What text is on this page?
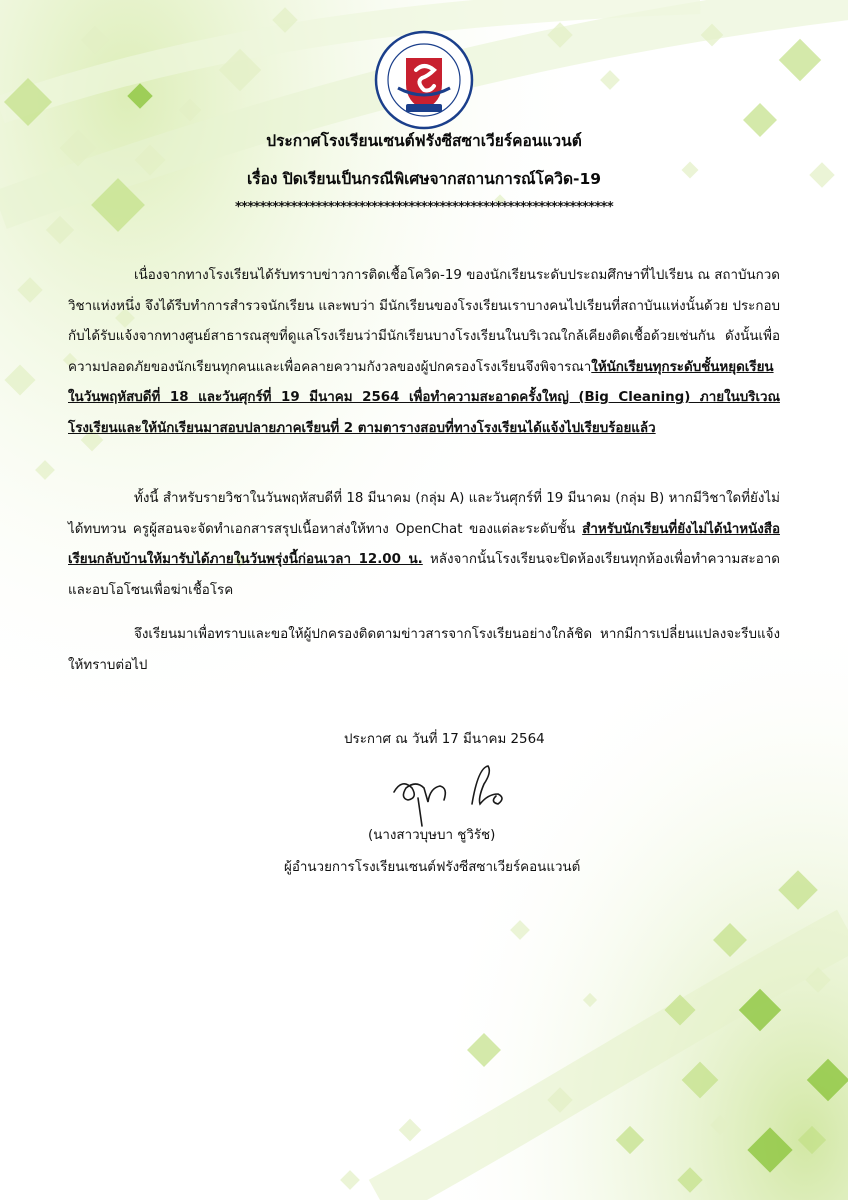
ประกาศโรงเรียนเซนต์ฟรังซีสซาเวียร์คอนแวนต์
เรื่อง ปิดเรียนเป็นกรณีพิเศษจากสถานการณ์โควิด-19
*************************************************************
เนื่องจากทางโรงเรียนได้รับทราบข่าวการติดเชื้อโควิด-19 ของนักเรียนระดับประถมศึกษาที่ไปเรียน ณ สถาบันกวดวิชาแห่งหนึ่ง จึงได้รีบทำการสำรวจนักเรียน และพบว่า มีนักเรียนของโรงเรียนเราบางคนไปเรียนที่สถาบันแห่งนั้นด้วย ประกอบกับได้รับแจ้งจากทางศูนย์สาธารณสุขที่ดูแลโรงเรียนว่ามีนักเรียนบางโรงเรียนในบริเวณใกล้เคียงติดเชื้อด้วยเช่นกัน ดังนั้นเพื่อความปลอดภัยของนักเรียนทุกคนและเพื่อคลายความกังวลของผู้ปกครองโรงเรียนจึงพิจารณาให้นักเรียนทุกระดับชั้นหยุดเรียนในวันพฤหัสบดีที่ 18 และวันศุกร์ที่ 19 มีนาคม 2564 เพื่อทำความสะอาดครั้งใหญ่ (Big Cleaning) ภายในบริเวณโรงเรียนและให้นักเรียนมาสอบปลายภาคเรียนที่ 2 ตามตารางสอบที่ทางโรงเรียนได้แจ้งไปเรียบร้อยแล้ว
ทั้งนี้ สำหรับรายวิชาในวันพฤหัสบดีที่ 18 มีนาคม (กลุ่ม A) และวันศุกร์ที่ 19 มีนาคม (กลุ่ม B) หากมีวิชาใดที่ยังไม่ได้ทบทวน ครูผู้สอนจะจัดทำเอกสารสรุปเนื้อหาส่งให้ทาง OpenChat ของแต่ละระดับชั้น สำหรับนักเรียนที่ยังไม่ได้นำหนังสือเรียนกลับบ้านให้มารับได้ภายในวันพรุ่งนี้ก่อนเวลา 12.00 น. หลังจากนั้นโรงเรียนจะปิดห้องเรียนทุกห้องเพื่อทำความสะอาดและอบโอโซนเพื่อฆ่าเชื้อโรค
จึงเรียนมาเพื่อทราบและขอให้ผู้ปกครองติดตามข่าวสารจากโรงเรียนอย่างใกล้ชิด หากมีการเปลี่ยนแปลงจะรีบแจ้งให้ทราบต่อไป
ประกาศ ณ วันที่ 17 มีนาคม 2564
(นางสาวบุษบา ชูวิรัช)
ผู้อำนวยการโรงเรียนเซนต์ฟรังซีสซาเวียร์คอนแวนต์
